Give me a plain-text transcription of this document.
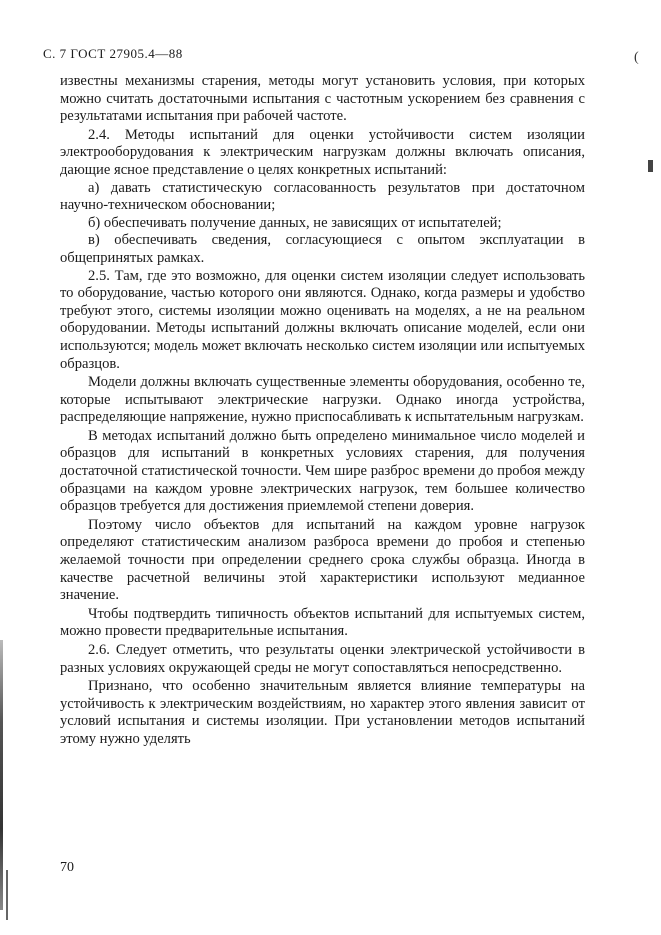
С. 7 ГОСТ 27905.4—88	(

известны механизмы старения, методы могут установить условия, при которых можно считать достаточными испытания с частотным ускорением без сравнения с результатами испытания при рабочей частоте.

2.4. Методы испытаний для оценки устойчивости систем изоляции электрооборудования к электрическим нагрузкам должны включать описания, дающие ясное представление о целях конкретных испытаний:

а) давать статистическую согласованность результатов при достаточном научно-техническом обосновании;

б) обеспечивать получение данных, не зависящих от испытателей;

в) обеспечивать сведения, согласующиеся с опытом эксплуатации в общепринятых рамках.

2.5. Там, где это возможно, для оценки систем изоляции следует использовать то оборудование, частью которого они являются. Однако, когда размеры и удобство требуют этого, системы изоляции можно оценивать на моделях, а не на реальном оборудовании. Методы испытаний должны включать описание моделей, если они используются; модель может включать несколько систем изоляции или испытуемых образцов.

Модели должны включать существенные элементы оборудования, особенно те, которые испытывают электрические нагрузки. Однако иногда устройства, распределяющие напряжение, нужно приспосабливать к испытательным нагрузкам.

В методах испытаний должно быть определено минимальное число моделей и образцов для испытаний в конкретных условиях старения, для получения достаточной статистической точности. Чем шире разброс времени до пробоя между образцами на каждом уровне электрических нагрузок, тем большее количество образцов требуется для достижения приемлемой степени доверия.

Поэтому число объектов для испытаний на каждом уровне нагрузок определяют статистическим анализом разброса времени до пробоя и степенью желаемой точности при определении среднего срока службы образца. Иногда в качестве расчетной величины этой характеристики используют медианное значение.

Чтобы подтвердить типичность объектов испытаний для испытуемых систем, можно провести предварительные испытания.

2.6. Следует отметить, что результаты оценки электрической устойчивости в разных условиях окружающей среды не могут сопоставляться непосредственно.

Признано, что особенно значительным является влияние температуры на устойчивость к электрическим воздействиям, но характер этого явления зависит от условий испытания и системы изоляции. При установлении методов испытаний этому нужно уделять

70
